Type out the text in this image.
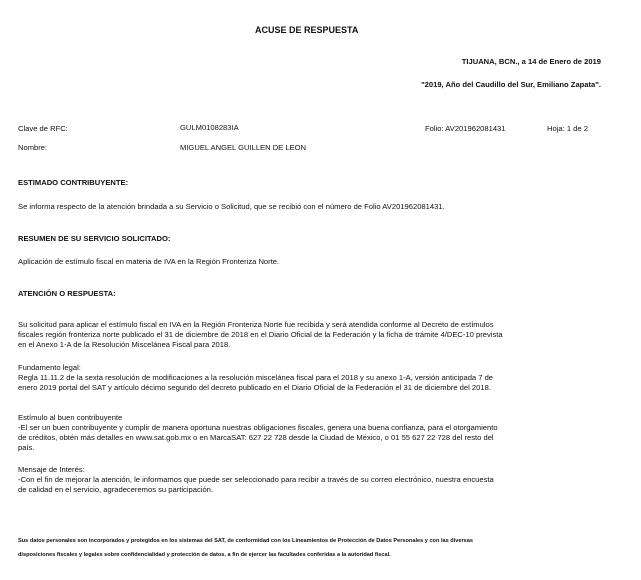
ACUSE DE RESPUESTA
TIJUANA, BCN., a 14 de Enero de 2019
"2019, Año del Caudillo del Sur, Emiliano Zapata".
Clave de RFC:	GULM0108283IA	Folio: AV201962081431	Hoja: 1 de 2
Nombre:	MIGUEL ANGEL GUILLEN DE LEON
ESTIMADO CONTRIBUYENTE:
Se informa respecto de la atención brindada a su Servicio o Solicitud, que se recibió con el número de Folio AV201962081431.
RESUMEN DE SU SERVICIO SOLICITADO:
Aplicación de estímulo fiscal en materia de IVA en la Región Fronteriza Norte.
ATENCIÓN O RESPUESTA:
Su solicitud para aplicar el estímulo fiscal en IVA en la Región Fronteriza Norte fue recibida y será atendida conforme al Decreto de estímulos
fiscales región fronteriza norte publicado el 31 de diciembre de 2018 en el Diario Oficial de la Federación y la ficha de trámite 4/DEC-10 prevista
en el Anexo 1-A de la Resolución Miscelánea Fiscal para 2018.
Fundamento legal:
Regla 11.11.2 de la sexta resolución de modificaciones a la resolución miscelánea fiscal para el 2018 y su anexo 1-A, versión anticipada 7 de
enero 2019 portal del SAT y artículo décimo segundo del decreto publicado en el Diario Oficial de la Federación el 31 de diciembre del 2018.
Estímulo al buen contribuyente
-El ser un buen contribuyente y cumplir de manera oportuna nuestras obligaciones fiscales, genera una buena confianza, para el otorgamiento
de créditos, obtén más detalles en www.sat.gob.mx o en MarcaSAT: 627 22 728 desde la Ciudad de México, o 01 55 627 22 728 del resto del
país.
Mensaje de Interés:
-Con el fin de mejorar la atención, le informamos que puede ser seleccionado para recibir a través de su correo electrónico, nuestra encuesta
de calidad en el servicio, agradeceremos su participación.
Sus datos personales son incorporados y protegidos en los sistemas del SAT, de conformidad con los Lineamientos de Protección de Datos Personales y con las diversas
disposiciones fiscales y legales sobre confidencialidad y protección de datos, a fin de ejercer las facultades conferidas a la autoridad fiscal.
